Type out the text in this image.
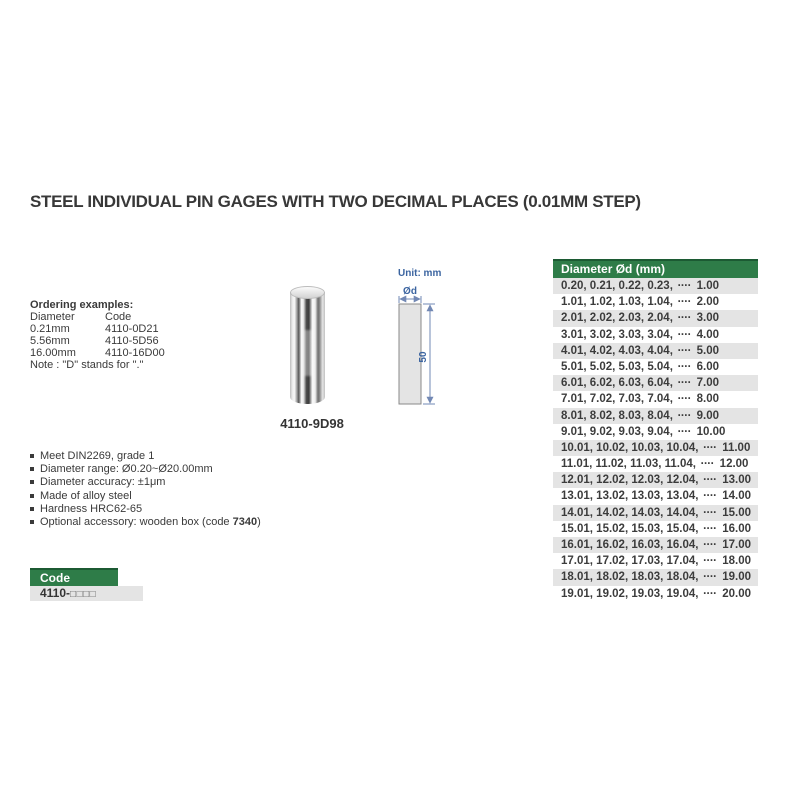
STEEL INDIVIDUAL PIN GAGES WITH TWO DECIMAL PLACES (0.01MM STEP)
Ordering examples:
Diameter	Code
0.21mm	4110-0D21
5.56mm	4110-5D56
16.00mm	4110-16D00
Note : "D" stands for "."
4110-9D98
Unit: mm
Ød
50
Meet DIN2269, grade 1
Diameter range: Ø0.20~Ø20.00mm
Diameter accuracy: ±1μm
Made of alloy steel
Hardness HRC62-65
Optional accessory: wooden box (code 7340)
Diameter Ød (mm)
0.20, 0.21, 0.22, 0.23, ···· 1.00
1.01, 1.02, 1.03, 1.04, ···· 2.00
2.01, 2.02, 2.03, 2.04, ···· 3.00
3.01, 3.02, 3.03, 3.04, ···· 4.00
4.01, 4.02, 4.03, 4.04, ···· 5.00
5.01, 5.02, 5.03, 5.04, ···· 6.00
6.01, 6.02, 6.03, 6.04, ···· 7.00
7.01, 7.02, 7.03, 7.04, ···· 8.00
8.01, 8.02, 8.03, 8.04, ···· 9.00
9.01, 9.02, 9.03, 9.04, ···· 10.00
10.01, 10.02, 10.03, 10.04, ···· 11.00
11.01, 11.02, 11.03, 11.04, ···· 12.00
12.01, 12.02, 12.03, 12.04, ···· 13.00
13.01, 13.02, 13.03, 13.04, ···· 14.00
14.01, 14.02, 14.03, 14.04, ···· 15.00
15.01, 15.02, 15.03, 15.04, ···· 16.00
16.01, 16.02, 16.03, 16.04, ···· 17.00
17.01, 17.02, 17.03, 17.04, ···· 18.00
18.01, 18.02, 18.03, 18.04, ···· 19.00
19.01, 19.02, 19.03, 19.04, ···· 20.00
Code
4110-□□□□
